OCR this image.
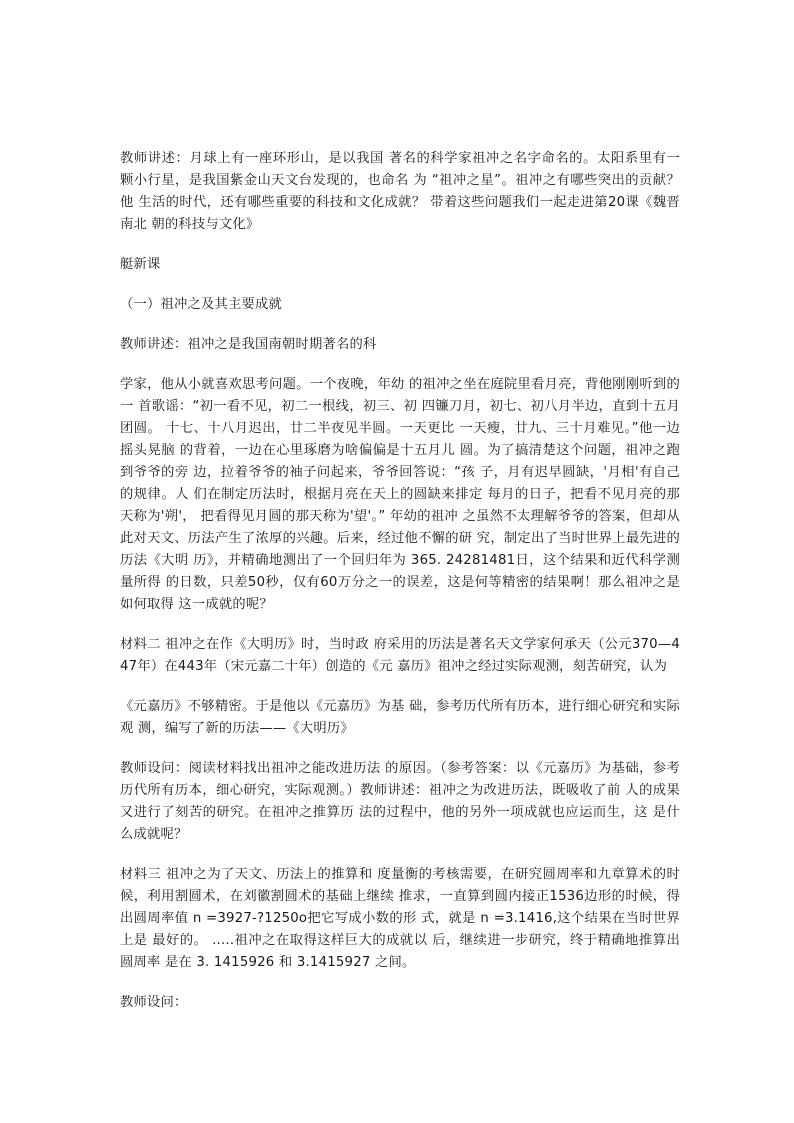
教师讲述：月球上有一座环形山，是以我国 著名的科学家祖冲之名字命名的。太阳系里有一 颗小行星，是我国紫金山天文台发现的，也命名 为 “祖冲之星”。祖冲之有哪些突出的贡献？他 生活的时代，还有哪些重要的科技和文化成就？ 带着这些问题我们一起走进第20课《魏晋南北 朝的科技与文化》

艇新课

（一）祖冲之及其主要成就

教师讲述：祖冲之是我国南朝时期著名的科

学家，他从小就喜欢思考问题。一个夜晚，年幼 的祖冲之坐在庭院里看月亮，背他刚刚听到的一 首歌谣：“初一看不见，初二一根线，初三、初 四镰刀月，初七、初八月半边，直到十五月团圆。 十七、十八月迟出，廿二半夜见半圆。一天更比 一天瘦，廿九、三十月难见。”他一边摇头晃脑 的背着，一边在心里琢磨为啥偏偏是十五月儿 圆。为了搞清楚这个问题，祖冲之跑到爷爷的旁 边，拉着爷爷的袖子问起来，爷爷回答说：“孩 子，月有迟早圆缺，'月相'有自己的规律。人 们在制定历法时，根据月亮在天上的圆缺来排定 每月的日子，把看不见月亮的那天称为'朔'， 把看得见月圆的那天称为'望'。” 年幼的祖冲 之虽然不太理解爷爷的答案，但却从此对天文、历法产生了浓厚的兴趣。后来，经过他不懈的研 究，制定出了当时世界上最先进的历法《大明 历》，并精确地测出了一个回归年为 365. 24281481日，这个结果和近代科学测量所得 的日数，只差50秒，仅有60万分之一的误差，这是何等精密的结果啊！那么祖冲之是如何取得 这一成就的呢？

材料二 祖冲之在作《大明历》时，当时政 府采用的历法是著名天文学家何承天（公元370—447年）在443年（宋元嘉二十年）创造的《元 嘉历》祖冲之经过实际观测，刻苦研究，认为

《元嘉历》不够精密。于是他以《元嘉历》为基 础，参考历代所有历本，进行细心研究和实际观 测，编写了新的历法——《大明历》

教师设问：阅读材料找出祖冲之能改进历法 的原因。（参考答案：以《元嘉历》为基础，参考历代所有历本，细心研究，实际观测。）教师讲述：祖冲之为改进历法，既吸收了前 人的成果又进行了刻苦的研究。在祖冲之推算历 法的过程中，他的另外一项成就也应运而生，这 是什么成就呢？

材料三 祖冲之为了天文、历法上的推算和 度量衡的考核需要，在研究圆周率和九章算术的时候，利用割圆术，在刘徽割圆术的基础上继续 推求，一直算到圆内接正1536边形的时候，得 出圆周率值 n =3927-?1250o把它写成小数的形 式，就是 n =3.1416,这个结果在当时世界上是 最好的。 .....祖冲之在取得这样巨大的成就以 后，继续进一步研究，终于精确地推算出圆周率 是在 3. 1415926 和 3.1415927 之间。

教师设问：
